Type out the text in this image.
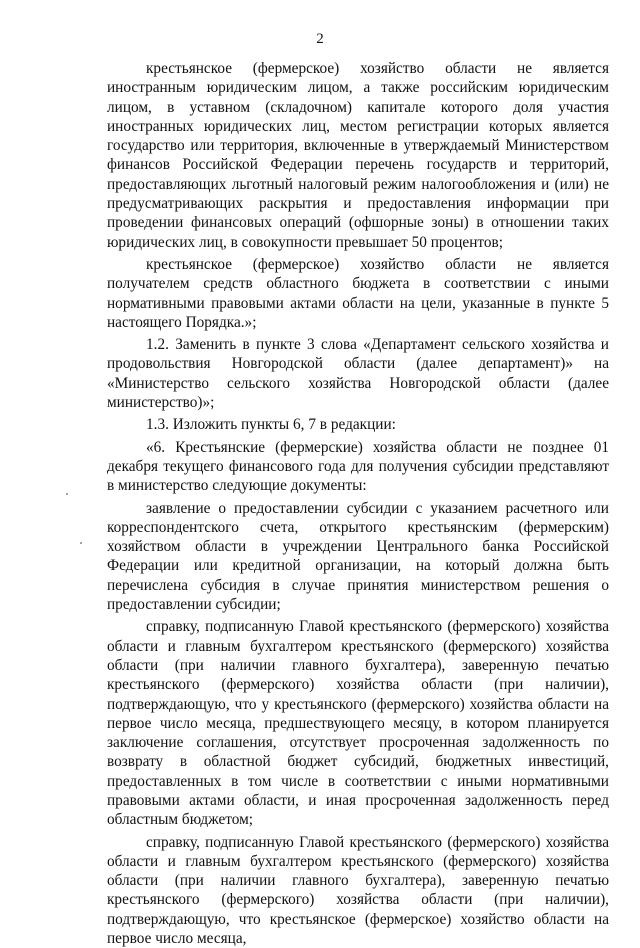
2

крестьянское (фермерское) хозяйство области не является иностранным юридическим лицом, а также российским юридическим лицом, в уставном (складочном) капитале которого доля участия иностранных юридических лиц, местом регистрации которых является государство или территория, включенные в утверждаемый Министерством финансов Российской Федерации перечень государств и территорий, предоставляющих льготный налоговый режим налогообложения и (или) не предусматривающих раскрытия и предоставления информации при проведении финансовых операций (офшорные зоны) в отношении таких юридических лиц, в совокупности превышает 50 процентов;

крестьянское (фермерское) хозяйство области не является получателем средств областного бюджета в соответствии с иными нормативными правовыми актами области на цели, указанные в пункте 5 настоящего Порядка.»;

1.2. Заменить в пункте 3 слова «Департамент сельского хозяйства и продовольствия Новгородской области (далее департамент)» на «Министерство сельского хозяйства Новгородской области (далее министерство)»;

1.3. Изложить пункты 6, 7 в редакции:

«6. Крестьянские (фермерские) хозяйства области не позднее 01 декабря текущего финансового года для получения субсидии представляют в министерство следующие документы:

заявление о предоставлении субсидии с указанием расчетного или корреспондентского счета, открытого крестьянским (фермерским) хозяйством области в учреждении Центрального банка Российской Федерации или кредитной организации, на который должна быть перечислена субсидия в случае принятия министерством решения о предоставлении субсидии;

справку, подписанную Главой крестьянского (фермерского) хозяйства области и главным бухгалтером крестьянского (фермерского) хозяйства области (при наличии главного бухгалтера), заверенную печатью крестьянского (фермерского) хозяйства области (при наличии), подтверждающую, что у крестьянского (фермерского) хозяйства области на первое число месяца, предшествующего месяцу, в котором планируется заключение соглашения, отсутствует просроченная задолженность по возврату в областной бюджет субсидий, бюджетных инвестиций, предоставленных в том числе в соответствии с иными нормативными правовыми актами области, и иная просроченная задолженность перед областным бюджетом;

справку, подписанную Главой крестьянского (фермерского) хозяйства области и главным бухгалтером крестьянского (фермерского) хозяйства области (при наличии главного бухгалтера), заверенную печатью крестьянского (фермерского) хозяйства области (при наличии), подтверждающую, что крестьянское (фермерское) хозяйство области на первое число месяца,
